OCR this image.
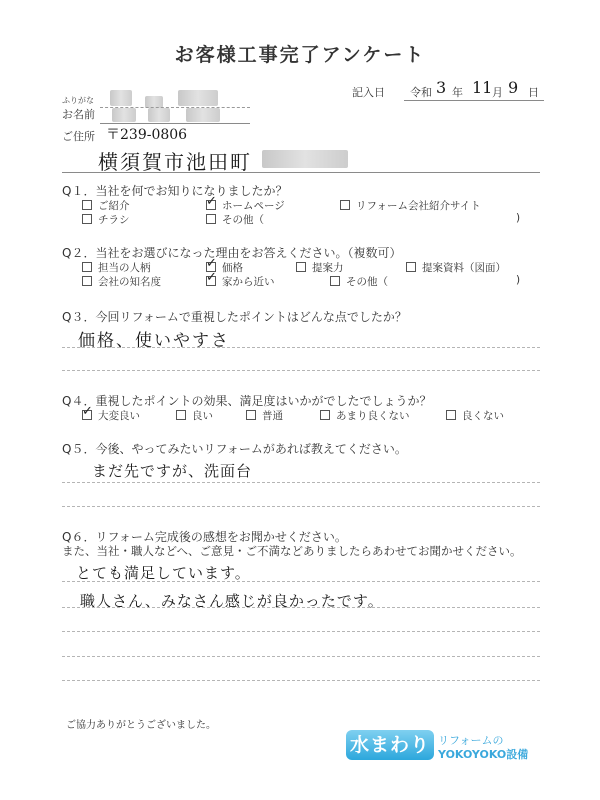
お客様工事完了アンケート
記入日 令和 3 年 11 月 9 日
ふりがな
お名前
ご住所 〒239-0806
横須賀市池田町
Q１．当社を何でお知りになりましたか？
ご紹介 ✓	ホームページ	リフォーム会社紹介サイト
チラシ	その他（	)
Q２．当社をお選びになった理由をお答えください。（複数可）
担当の人柄 ✓	価格	提案力	提案資料（図面）
会社の知名度 ✓	家から近い	その他（	)
Q３．今回リフォームで重視したポイントはどんな点でしたか？
価格、使いやすさ
Q４．重視したポイントの効果、満足度はいかがでしたでしょうか？
✓大変良い	良い	普通	あまり良くない	良くない
Q５．今後、やってみたいリフォームがあれば教えてください。
まだ先ですが、洗面台
Q６．リフォーム完成後の感想をお聞かせください。
また、当社・職人などへ、ご意見・ご不満などありましたらあわせてお聞かせください。
とても満足しています。
職人さん、みなさん感じが良かったです。
ご協力ありがとうございました。
水まわり リフォームの
YOKOYOKO設備
